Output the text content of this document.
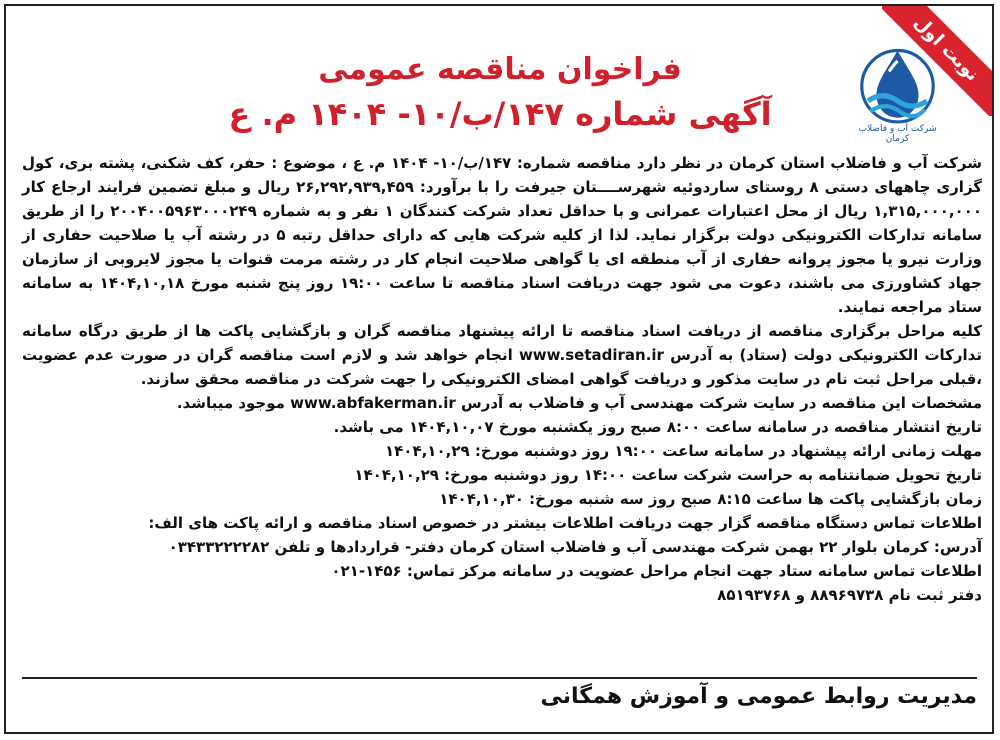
نوبت اول
فراخوان مناقصه عمومی
آگهی شماره ۱۴۷/ب/۱۰- ۱۴۰۴ م. ع	شرکت آب و فاضلاب کرمان

شرکت آب و فاضلاب استان کرمان در نظر دارد مناقصه شماره: ۱۴۷/ب/۱۰- ۱۴۰۴ م. ع ، موضوع : حفر، کف شکنی، پشته بری، کول گزاری چاههای دستی ۸ روستای ساردوئیه شهرســــتان جیرفت را با برآورد: ۲۶,۲۹۲,۹۳۹,۴۵۹ ریال و مبلغ تضمین فرایند ارجاع کار ۱,۳۱۵,۰۰۰,۰۰۰ ریال از محل اعتبارات عمرانی و با حداقل تعداد شرکت کنندگان ۱ نفر و به شماره ۲۰۰۴۰۰۵۹۶۳۰۰۰۲۴۹ را از طریق سامانه تدارکات الکترونیکی دولت برگزار نماید. لذا از کلیه شرکت هایی که دارای حداقل رتبه ۵ در رشته آب یا صلاحیت حفاری از وزارت نیرو یا مجوز پروانه حفاری از آب منطقه ای یا گواهی صلاحیت انجام کار در رشته مرمت قنوات یا مجوز لایروبی از سازمان جهاد کشاورزی می باشند، دعوت می شود جهت دریافت اسناد مناقصه تا ساعت ۱۹:۰۰ روز پنج شنبه مورخ ۱۴۰۴,۱۰,۱۸ به سامانه ستاد مراجعه نمایند.

کلیه مراحل برگزاری مناقصه از دریافت اسناد مناقصه تا ارائه پیشنهاد مناقصه گران و بازگشایی پاکت ها از طریق درگاه سامانه تدارکات الکترونیکی دولت (ستاد) به آدرس www.setadiran.ir انجام خواهد شد و لازم است مناقصه گران در صورت عدم عضویت ،قبلی مراحل ثبت نام در سایت مذکور و دریافت گواهی امضای الکترونیکی را جهت شرکت در مناقصه محقق سازند.

مشخصات این مناقصه در سایت شرکت مهندسی آب و فاضلاب به آدرس www.abfakerman.ir موجود میباشد.

تاریخ انتشار مناقصه در سامانه ساعت ۸:۰۰ صبح روز یکشنبه مورخ ۱۴۰۴,۱۰,۰۷ می باشد.

مهلت زمانی ارائه پیشنهاد در سامانه ساعت ۱۹:۰۰ روز دوشنبه مورخ: ۱۴۰۴,۱۰,۲۹

تاریخ تحویل ضمانتنامه به حراست شرکت ساعت ۱۴:۰۰ روز دوشنبه مورخ: ۱۴۰۴,۱۰,۲۹

زمان بازگشایی پاکت ها ساعت ۸:۱۵ صبح روز سه شنبه مورخ: ۱۴۰۴,۱۰,۳۰

اطلاعات تماس دستگاه مناقصه گزار جهت دریافت اطلاعات بیشتر در خصوص اسناد مناقصه و ارائه پاکت های الف:

آدرس: کرمان بلوار ۲۲ بهمن شرکت مهندسی آب و فاضلاب استان کرمان دفتر- قراردادها و تلفن ۰۳۴۳۳۲۲۲۲۸۲

اطلاعات تماس سامانه ستاد جهت انجام مراحل عضویت در سامانه مرکز تماس: ۱۴۵۶-۰۲۱

دفتر ثبت نام ۸۸۹۶۹۷۳۸ و ۸۵۱۹۳۷۶۸

مدیریت روابط عمومی و آموزش همگانی
